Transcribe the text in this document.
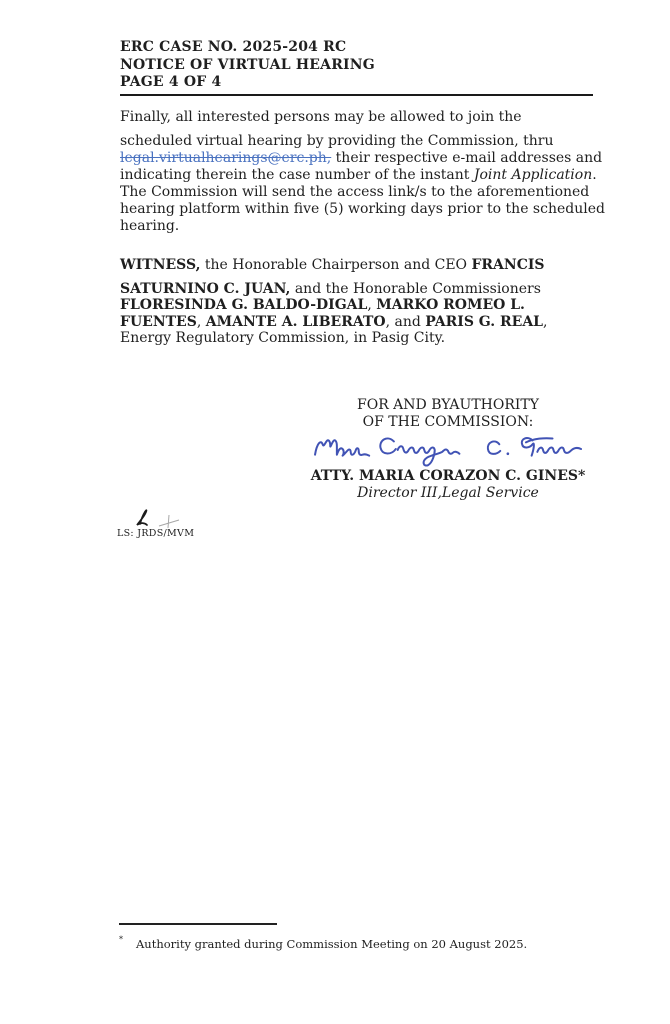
ERC CASE NO. 2025-204 RC
NOTICE OF VIRTUAL HEARING
PAGE 4 OF 4
Finally, all interested persons may be allowed to join the
scheduled virtual hearing by providing the Commission, thru
legal.virtualhearings@erc.ph, their respective e-mail addresses and
indicating therein the case number of the instant Joint Application.
The Commission will send the access link/s to the aforementioned
hearing platform within five (5) working days prior to the scheduled
hearing.
WITNESS, the Honorable Chairperson and CEO FRANCIS
SATURNINO C. JUAN, and the Honorable Commissioners
FLORESINDA G. BALDO-DIGAL, MARKO ROMEO L.
FUENTES, AMANTE A. LIBERATO, and PARIS G. REAL,
Energy Regulatory Commission, in Pasig City.
FOR AND BYAUTHORITY
OF THE COMMISSION:
ATTY. MARIA CORAZON C. GINES*
Director III,Legal Service
LS: JRDS/MVM
* Authority granted during Commission Meeting on 20 August 2025.
